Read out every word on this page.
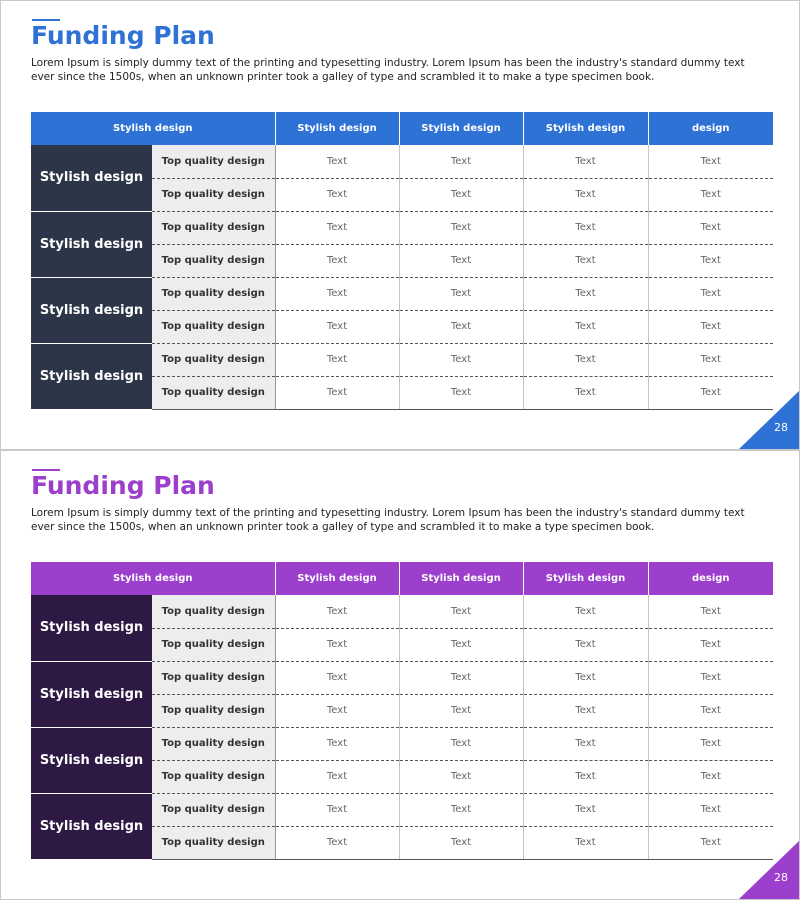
Funding Plan
Lorem Ipsum is simply dummy text of the printing and typesetting industry. Lorem Ipsum has been the industry's standard dummy text ever since the 1500s, when an unknown printer took a galley of type and scrambled it to make a type specimen book.
Stylish design		Stylish design	Stylish design	Stylish design	design
Stylish design	Top quality design	Text	Text	Text	Text
	Top quality design	Text	Text	Text	Text
Stylish design	Top quality design	Text	Text	Text	Text
	Top quality design	Text	Text	Text	Text
Stylish design	Top quality design	Text	Text	Text	Text
	Top quality design	Text	Text	Text	Text
Stylish design	Top quality design	Text	Text	Text	Text
	Top quality design	Text	Text	Text	Text
28
Funding Plan
Lorem Ipsum is simply dummy text of the printing and typesetting industry. Lorem Ipsum has been the industry's standard dummy text ever since the 1500s, when an unknown printer took a galley of type and scrambled it to make a type specimen book.
Stylish design		Stylish design	Stylish design	Stylish design	design
Stylish design	Top quality design	Text	Text	Text	Text
	Top quality design	Text	Text	Text	Text
Stylish design	Top quality design	Text	Text	Text	Text
	Top quality design	Text	Text	Text	Text
Stylish design	Top quality design	Text	Text	Text	Text
	Top quality design	Text	Text	Text	Text
Stylish design	Top quality design	Text	Text	Text	Text
	Top quality design	Text	Text	Text	Text
28
